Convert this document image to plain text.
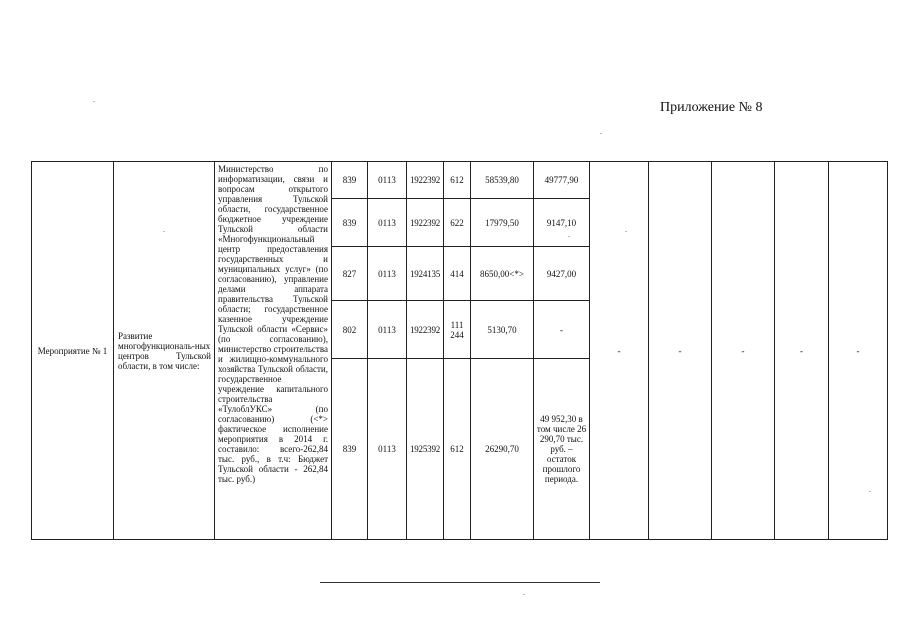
Приложение № 8
Мероприятие № 1	Развитие многофункциональ-ных центров Тульской области, в том числе:	Министерство по информатизации, связи и вопросам открытого управления Тульской области, государственное бюджетное учреждение Тульской области «Многофункциональный центр предоставления государственных и муниципальных услуг» (по согласованию), управление делами аппарата правительства Тульской области; государственное казенное учреждение Тульской области «Сервис» (по согласованию), министерство строительства и жилищно-коммунального хозяйства Тульской области, государственное учреждение капитального строительства «ТулоблУКС» (по согласованию) (<*> фактическое исполнение мероприятия в 2014 г. составило: всего-262,84 тыс. руб., в т.ч: Бюджет Тульской области - 262,84 тыс. руб.)	839	0113	1922392	612	58539,80	49777,90	-	-	-	-	-
			839	0113	1922392	622	17979,50	9147,10					
			827	0113	1924135	414	8650,00<*>	9427,00					
			802	0113	1922392	111 244	5130,70	-					
			839	0113	1925392	612	26290,70	49 952,30 в том числе 26 290,70 тыс. руб. – остаток прошлого периода.					
